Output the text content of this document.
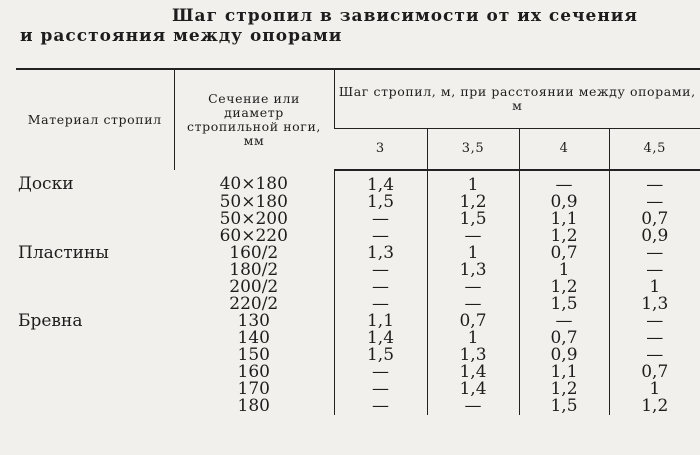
Шаг стропил в зависимости от их сечения
и расстояния между опорами
Материал стропил	Сечение или диаметр стропильной ноги, мм	Шаг стропил, м, при расстоянии между опорами, м			
		3	3,5	4	4,5
Доски	40×180	1,4	1	—	—
	50×180	1,5	1,2	0,9	—
	50×200	—	1,5	1,1	0,7
	60×220	—	—	1,2	0,9
Пластины	160/2	1,3	1	0,7	—
	180/2	—	1,3	1	—
	200/2	—	—	1,2	1
	220/2	—	—	1,5	1,3
Бревна	130	1,1	0,7	—	—
	140	1,4	1	0,7	—
	150	1,5	1,3	0,9	—
	160	—	1,4	1,1	0,7
	170	—	1,4	1,2	1
	180	—	—	1,5	1,2
